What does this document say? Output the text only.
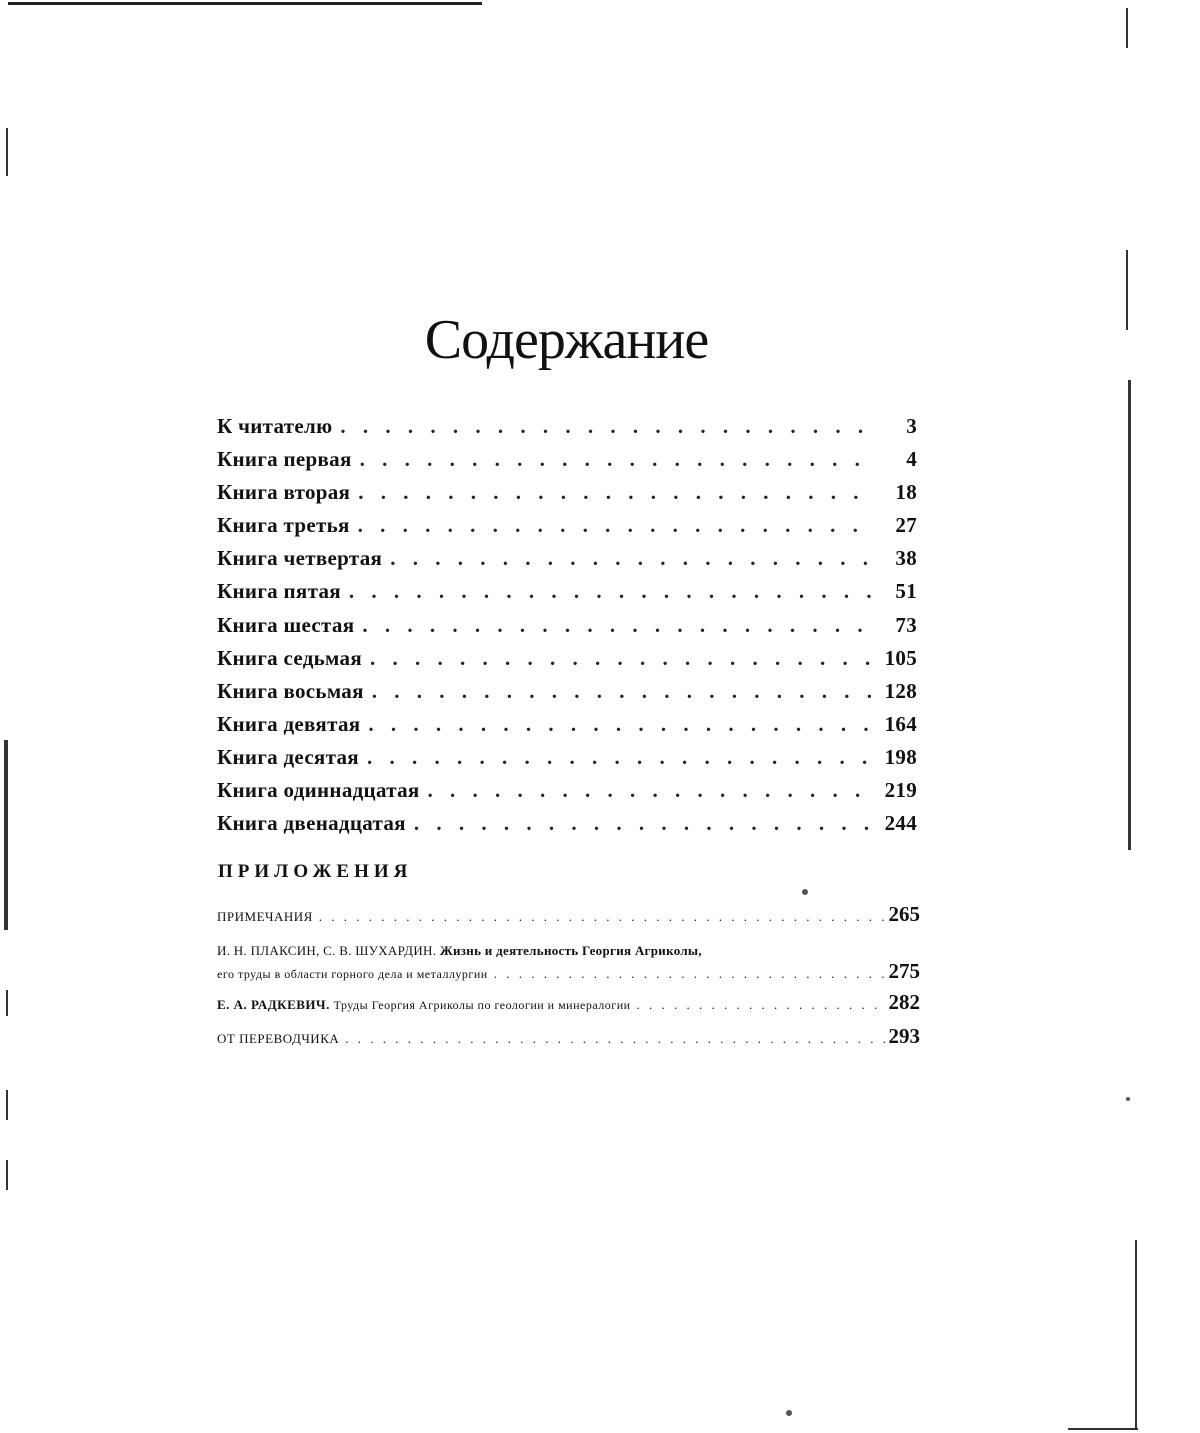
Содержание
К читателю . . .	3
Книга первая . . .	4
Книга вторая . . .	18
Книга третья . . .	27
Книга четвертая . . .	38
Книга пятая . . .	51
Книга шестая . . .	73
Книга седьмая . . .	105
Книга восьмая . . .	128
Книга девятая . . .	164
Книга десятая . . .	198
Книга одиннадцатая . . .	219
Книга двенадцатая . . .	244
ПРИЛОЖЕНИЯ
ПРИМЕЧАНИЯ . . .	265
И. Н. ПЛАКСИН, С. В. ШУХАРДИН. Жизнь и деятельность Георгия Агриколы,
его труды в области горного дела и металлургии . . .	275
Е. А. РАДКЕВИЧ. Труды Георгия Агриколы по геологии и минералогии . . .	282
ОТ ПЕРЕВОДЧИКА . . .	293
